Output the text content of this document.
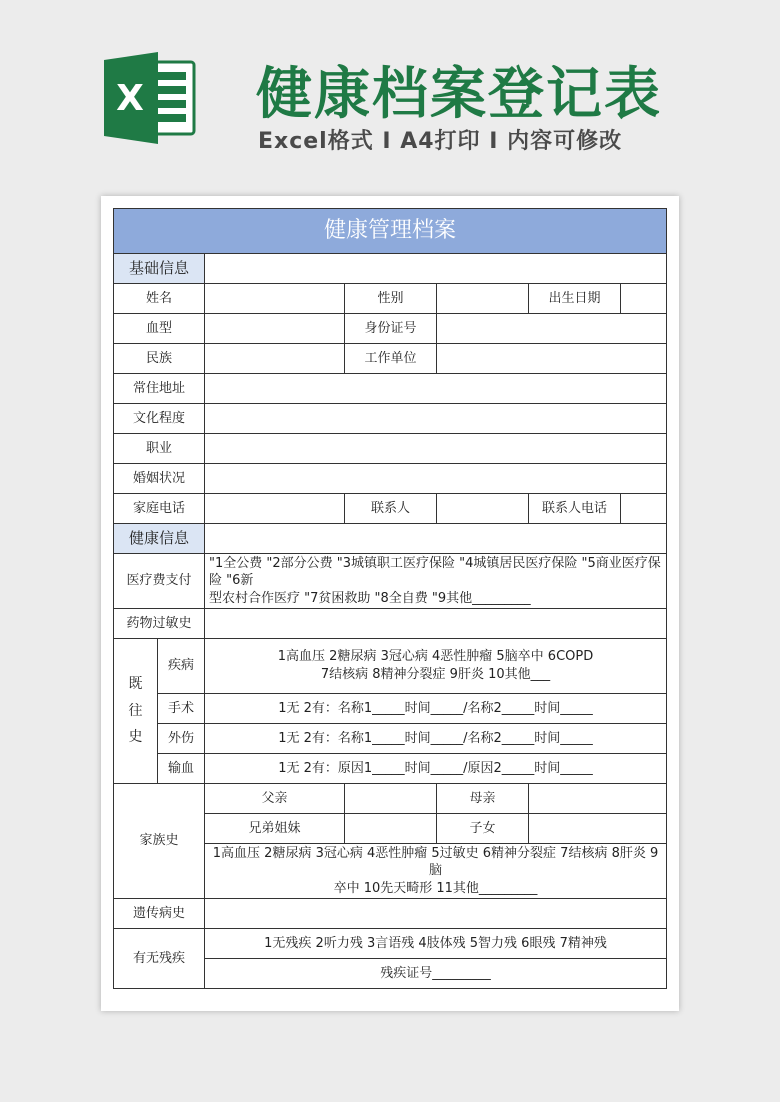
X 健康档案登记表
Excel格式 I A4打印 I 内容可修改
健康管理档案						
基础信息						
姓名			性别		出生日期	
血型			身份证号			
民族			工作单位			
常住地址						
文化程度						
职业						
婚姻状况						
家庭电话			联系人		联系人电话	
健康信息						
医疗费支付		"1全公费 "2部分公费 "3城镇职工医疗保险 "4城镇居民医疗保险 "5商业医疗保险 "6新
型农村合作医疗 "7贫困救助 "8全自费 "9其他_________				

药物过敏史						

既往史	疾病	1高血压 2糖尿病 3冠心病 4恶性肿瘤 5脑卒中 6COPD
7结核病 8精神分裂症 9肝炎 10其他___				

	手术	1无 2有：名称1_____时间_____/名称2_____时间_____				
	外伤	1无 2有：名称1_____时间_____/名称2_____时间_____				
	输血	1无 2有：原因1_____时间_____/原因2_____时间_____				
家族史		父亲		母亲		
		兄弟姐妹		子女		

		1高血压 2糖尿病 3冠心病 4恶性肿瘤 5过敏史 6精神分裂症 7结核病 8肝炎 9脑
卒中 10先天畸形 11其他_________				

遗传病史						
有无残疾		1无残疾 2听力残 3言语残 4肢体残 5智力残 6眼残 7精神残				
		残疾证号_________				
